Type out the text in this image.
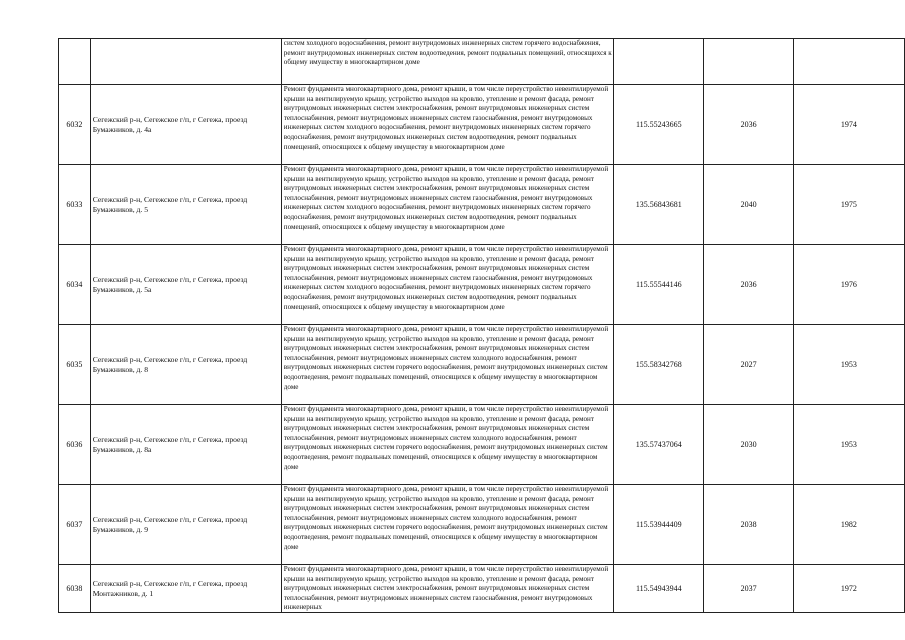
		систем холодного водоснабжения, ремонт внутридомовых инженерных систем горячего водоснабжения, ремонт внутридомовых инженерных систем водоотведения, ремонт подвальных помещений, относящихся к общему имуществу в многоквартирном доме			

6032	Сегежский р-н, Сегежское г/п, г Сегежа, проезд Бумажников, д. 4а	Ремонт фундамента многоквартирного дома, ремонт крыши, в том числе переустройство невентилируемой крыши на вентилируемую крышу, устройство выходов на кровлю, утепление и ремонт фасада, ремонт внутридомовых инженерных систем электроснабжения, ремонт внутридомовых инженерных систем теплоснабжения, ремонт внутридомовых инженерных систем газоснабжения, ремонт внутридомовых инженерных систем холодного водоснабжения, ремонт внутридомовых инженерных систем горячего водоснабжения, ремонт внутридомовых инженерных систем водоотведения, ремонт подвальных помещений, относящихся к общему имуществу в многоквартирном доме	115.55243665	2036	1974
6033	Сегежский р-н, Сегежское г/п, г Сегежа, проезд Бумажников, д. 5	Ремонт фундамента многоквартирного дома, ремонт крыши, в том числе переустройство невентилируемой крыши на вентилируемую крышу, устройство выходов на кровлю, утепление и ремонт фасада, ремонт внутридомовых инженерных систем электроснабжения, ремонт внутридомовых инженерных систем теплоснабжения, ремонт внутридомовых инженерных систем газоснабжения, ремонт внутридомовых инженерных систем холодного водоснабжения, ремонт внутридомовых инженерных систем горячего водоснабжения, ремонт внутридомовых инженерных систем водоотведения, ремонт подвальных помещений, относящихся к общему имуществу в многоквартирном доме	135.56843681	2040	1975
6034	Сегежский р-н, Сегежское г/п, г Сегежа, проезд Бумажников, д. 5а	Ремонт фундамента многоквартирного дома, ремонт крыши, в том числе переустройство невентилируемой крыши на вентилируемую крышу, устройство выходов на кровлю, утепление и ремонт фасада, ремонт внутридомовых инженерных систем электроснабжения, ремонт внутридомовых инженерных систем теплоснабжения, ремонт внутридомовых инженерных систем газоснабжения, ремонт внутридомовых инженерных систем холодного водоснабжения, ремонт внутридомовых инженерных систем горячего водоснабжения, ремонт внутридомовых инженерных систем водоотведения, ремонт подвальных помещений, относящихся к общему имуществу в многоквартирном доме	115.55544146	2036	1976
6035	Сегежский р-н, Сегежское г/п, г Сегежа, проезд Бумажников, д. 8	Ремонт фундамента многоквартирного дома, ремонт крыши, в том числе переустройство невентилируемой крыши на вентилируемую крышу, устройство выходов на кровлю, утепление и ремонт фасада, ремонт внутридомовых инженерных систем электроснабжения, ремонт внутридомовых инженерных систем теплоснабжения, ремонт внутридомовых инженерных систем холодного водоснабжения, ремонт внутридомовых инженерных систем горячего водоснабжения, ремонт внутридомовых инженерных систем водоотведения, ремонт подвальных помещений, относящихся к общему имуществу в многоквартирном доме	155.58342768	2027	1953
6036	Сегежский р-н, Сегежское г/п, г Сегежа, проезд Бумажников, д. 8а	Ремонт фундамента многоквартирного дома, ремонт крыши, в том числе переустройство невентилируемой крыши на вентилируемую крышу, устройство выходов на кровлю, утепление и ремонт фасада, ремонт внутридомовых инженерных систем электроснабжения, ремонт внутридомовых инженерных систем теплоснабжения, ремонт внутридомовых инженерных систем холодного водоснабжения, ремонт внутридомовых инженерных систем горячего водоснабжения, ремонт внутридомовых инженерных систем водоотведения, ремонт подвальных помещений, относящихся к общему имуществу в многоквартирном доме	135.57437064	2030	1953
6037	Сегежский р-н, Сегежское г/п, г Сегежа, проезд Бумажников, д. 9	Ремонт фундамента многоквартирного дома, ремонт крыши, в том числе переустройство невентилируемой крыши на вентилируемую крышу, устройство выходов на кровлю, утепление и ремонт фасада, ремонт внутридомовых инженерных систем электроснабжения, ремонт внутридомовых инженерных систем теплоснабжения, ремонт внутридомовых инженерных систем холодного водоснабжения, ремонт внутридомовых инженерных систем горячего водоснабжения, ремонт внутридомовых инженерных систем водоотведения, ремонт подвальных помещений, относящихся к общему имуществу в многоквартирном доме	115.53944409	2038	1982
6038	Сегежский р-н, Сегежское г/п, г Сегежа, проезд Монтажников, д. 1	Ремонт фундамента многоквартирного дома, ремонт крыши, в том числе переустройство невентилируемой крыши на вентилируемую крышу, устройство выходов на кровлю, утепление и ремонт фасада, ремонт внутридомовых инженерных систем электроснабжения, ремонт внутридомовых инженерных систем теплоснабжения, ремонт внутридомовых инженерных систем газоснабжения, ремонт внутридомовых инженерных	115.54943944	2037	1972
